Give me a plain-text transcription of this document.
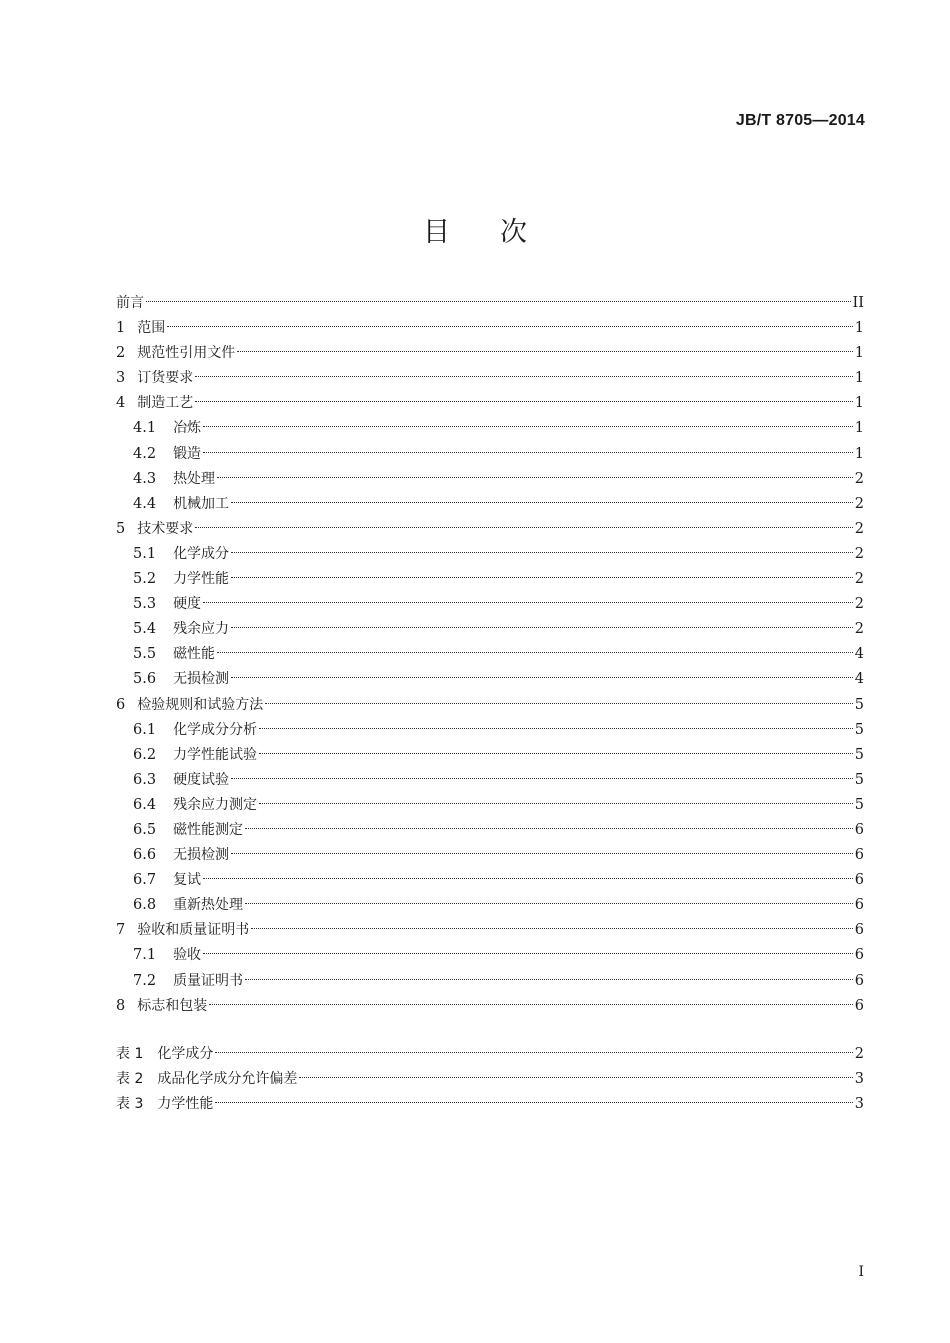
JB/T 8705—2014
目次
前言	II
1 范围	1
2 规范性引用文件	1
3 订货要求	1
4 制造工艺	1
4.1	冶炼	1
4.2	锻造	1
4.3	热处理	2
4.4	机械加工	2
5 技术要求	2
5.1	化学成分	2
5.2	力学性能	2
5.3	硬度	2
5.4	残余应力	2
5.5	磁性能	4
5.6	无损检测	4
6 检验规则和试验方法	5
6.1	化学成分分析	5
6.2	力学性能试验	5
6.3	硬度试验	5
6.4	残余应力测定	5
6.5	磁性能测定	6
6.6	无损检测	6
6.7	复试	6
6.8	重新热处理	6
7 验收和质量证明书	6
7.1	验收	6
7.2	质量证明书	6
8 标志和包装	6
表 1	化学成分	2
表 2	成品化学成分允许偏差	3
表 3	力学性能	3
I
